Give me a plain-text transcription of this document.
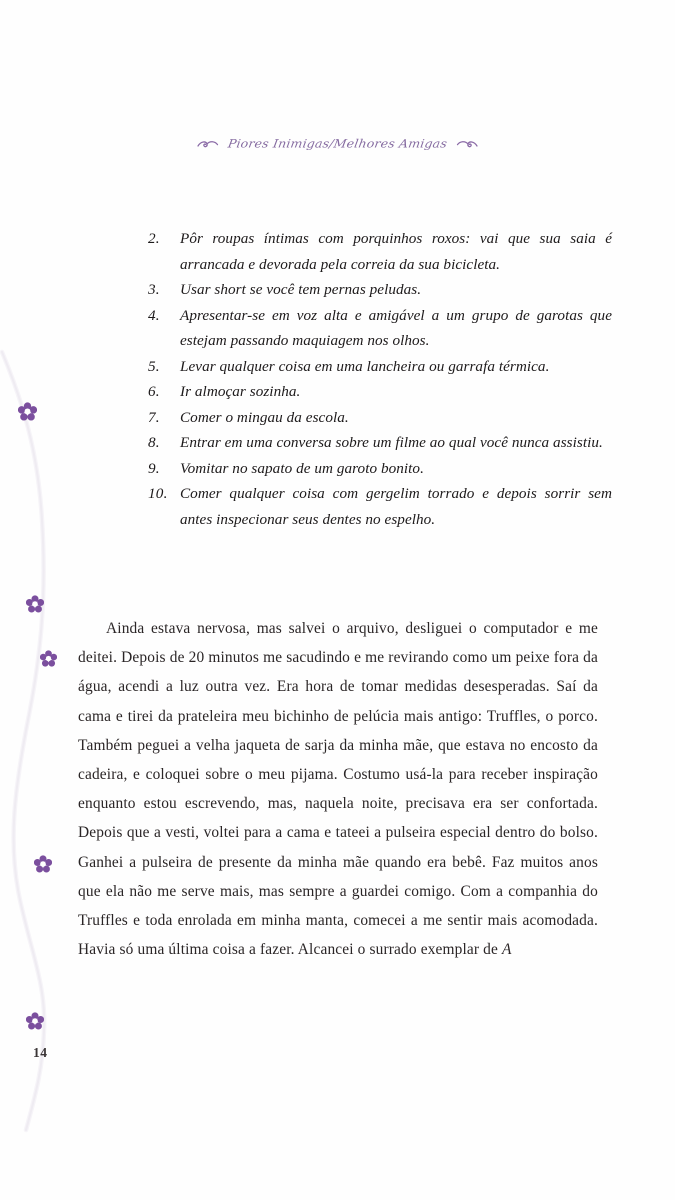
Piores Inimigas/Melhores Amigas
2.	Pôr roupas íntimas com porquinhos roxos: vai que sua saia é arrancada e devorada pela correia da sua bicicleta.
3.	Usar short se você tem pernas peludas.
4.	Apresentar-se em voz alta e amigável a um grupo de garotas que estejam passando maquiagem nos olhos.
5.	Levar qualquer coisa em uma lancheira ou garrafa térmica.
6.	Ir almoçar sozinha.
7.	Comer o mingau da escola.
8.	Entrar em uma conversa sobre um filme ao qual você nunca assistiu.
9.	Vomitar no sapato de um garoto bonito.
10. Comer qualquer coisa com gergelim torrado e depois sorrir sem antes inspecionar seus dentes no espelho.

Ainda estava nervosa, mas salvei o arquivo, desliguei o computador e me deitei. Depois de 20 minutos me sacudindo e me revirando como um peixe fora da água, acendi a luz outra vez. Era hora de tomar medidas desesperadas. Saí da cama e tirei da prateleira meu bichinho de pelúcia mais antigo: Truffles, o porco. Também peguei a velha jaqueta de sarja da minha mãe, que estava no encosto da cadeira, e coloquei sobre o meu pijama. Costumo usá-la para receber inspiração enquanto estou escrevendo, mas, naquela noite, precisava era ser confortada. Depois que a vesti, voltei para a cama e tateei a pulseira especial dentro do bolso. Ganhei a pulseira de presente da minha mãe quando era bebê. Faz muitos anos que ela não me serve mais, mas sempre a guardei comigo. Com a companhia do Truffles e toda enrolada em minha manta, comecei a me sentir mais acomodada. Havia só uma última coisa a fazer. Alcancei o surrado exemplar de A

14
